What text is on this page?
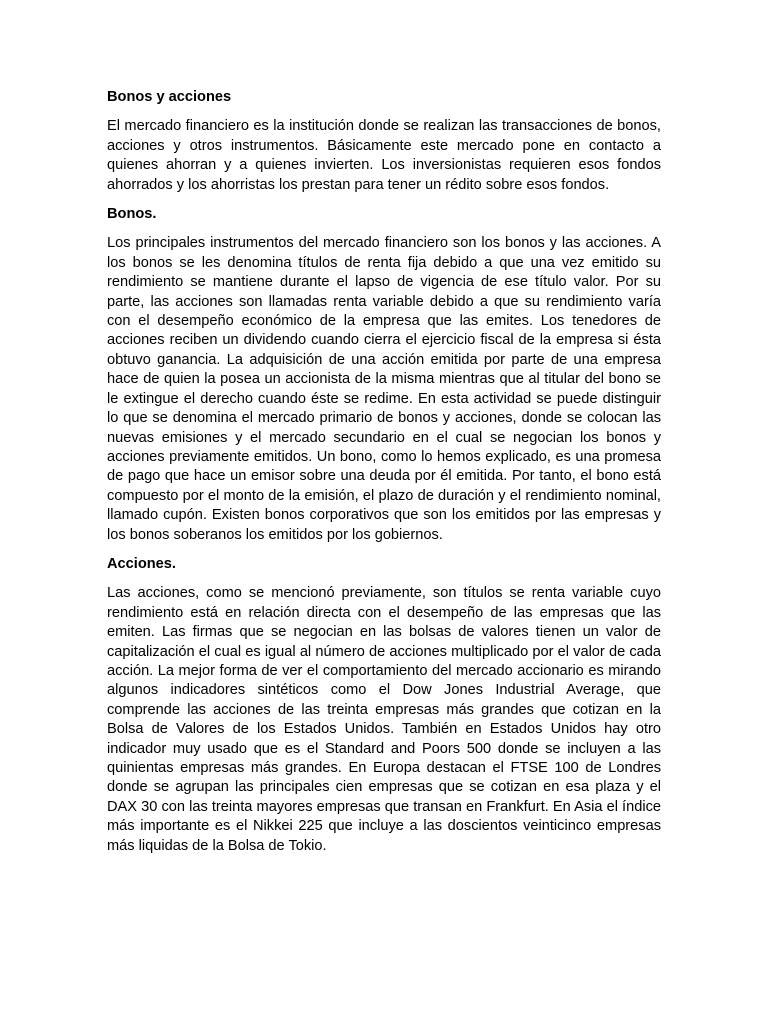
Bonos y acciones

El mercado financiero es la institución donde se realizan las transacciones de bonos, acciones y otros instrumentos. Básicamente este mercado pone en contacto a quienes ahorran y a quienes invierten. Los inversionistas requieren esos fondos ahorrados y los ahorristas los prestan para tener un rédito sobre esos fondos.

Bonos.

Los principales instrumentos del mercado financiero son los bonos y las acciones. A los bonos se les denomina títulos de renta fija debido a que una vez emitido su rendimiento se mantiene durante el lapso de vigencia de ese título valor. Por su parte, las acciones son llamadas renta variable debido a que su rendimiento varía con el desempeño económico de la empresa que las emites. Los tenedores de acciones reciben un dividendo cuando cierra el ejercicio fiscal de la empresa si ésta obtuvo ganancia. La adquisición de una acción emitida por parte de una empresa hace de quien la posea un accionista de la misma mientras que al titular del bono se le extingue el derecho cuando éste se redime. En esta actividad se puede distinguir lo que se denomina el mercado primario de bonos y acciones, donde se colocan las nuevas emisiones y el mercado secundario en el cual se negocian los bonos y acciones previamente emitidos. Un bono, como lo hemos explicado, es una promesa de pago que hace un emisor sobre una deuda por él emitida. Por tanto, el bono está compuesto por el monto de la emisión, el plazo de duración y el rendimiento nominal, llamado cupón. Existen bonos corporativos que son los emitidos por las empresas y los bonos soberanos los emitidos por los gobiernos.

Acciones.

Las acciones, como se mencionó previamente, son títulos se renta variable cuyo rendimiento está en relación directa con el desempeño de las empresas que las emiten. Las firmas que se negocian en las bolsas de valores tienen un valor de capitalización el cual es igual al número de acciones multiplicado por el valor de cada acción. La mejor forma de ver el comportamiento del mercado accionario es mirando algunos indicadores sintéticos como el Dow Jones Industrial Average, que comprende las acciones de las treinta empresas más grandes que cotizan en la Bolsa de Valores de los Estados Unidos. También en Estados Unidos hay otro indicador muy usado que es el Standard and Poors 500 donde se incluyen a las quinientas empresas más grandes. En Europa destacan el FTSE 100 de Londres donde se agrupan las principales cien empresas que se cotizan en esa plaza y el DAX 30 con las treinta mayores empresas que transan en Frankfurt. En Asia el índice más importante es el Nikkei 225 que incluye a las doscientos veinticinco empresas más liquidas de la Bolsa de Tokio.
